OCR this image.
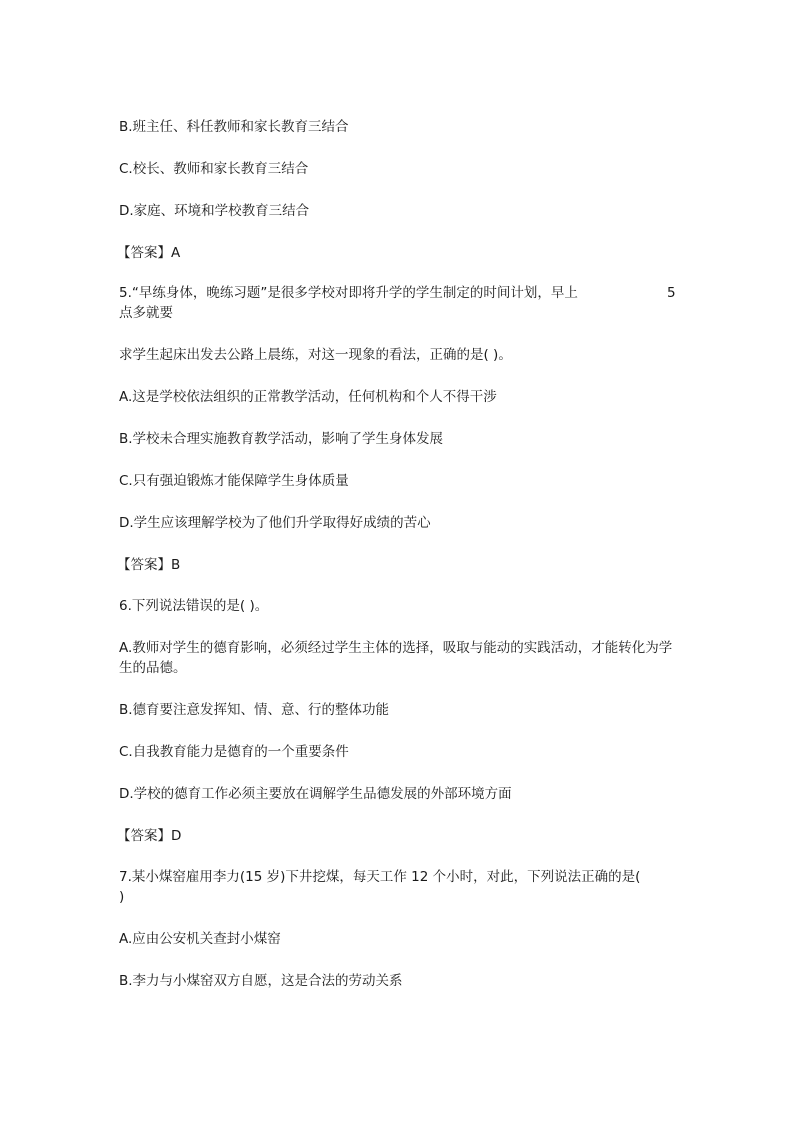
B.班主任、科任教师和家长教育三结合
C.校长、教师和家长教育三结合
D.家庭、环境和学校教育三结合
【答案】A
5.“早练身体，晚练习题”是很多学校对即将升学的学生制定的时间计划，早上	5
点多就要
求学生起床出发去公路上晨练，对这一现象的看法，正确的是( )。
A.这是学校依法组织的正常教学活动，任何机构和个人不得干涉
B.学校未合理实施教育教学活动，影响了学生身体发展
C.只有强迫锻炼才能保障学生身体质量
D.学生应该理解学校为了他们升学取得好成绩的苦心
【答案】B
6.下列说法错误的是( )。
A.教师对学生的德育影响，必须经过学生主体的选择，吸取与能动的实践活动，才能转化为学生的品德。
B.德育要注意发挥知、情、意、行的整体功能
C.自我教育能力是德育的一个重要条件
D.学校的德育工作必须主要放在调解学生品德发展的外部环境方面
【答案】D
7.某小煤窑雇用李力(15 岁)下井挖煤，每天工作 12 个小时，对此，下列说法正确的是(
)
A.应由公安机关查封小煤窑
B.李力与小煤窑双方自愿，这是合法的劳动关系
